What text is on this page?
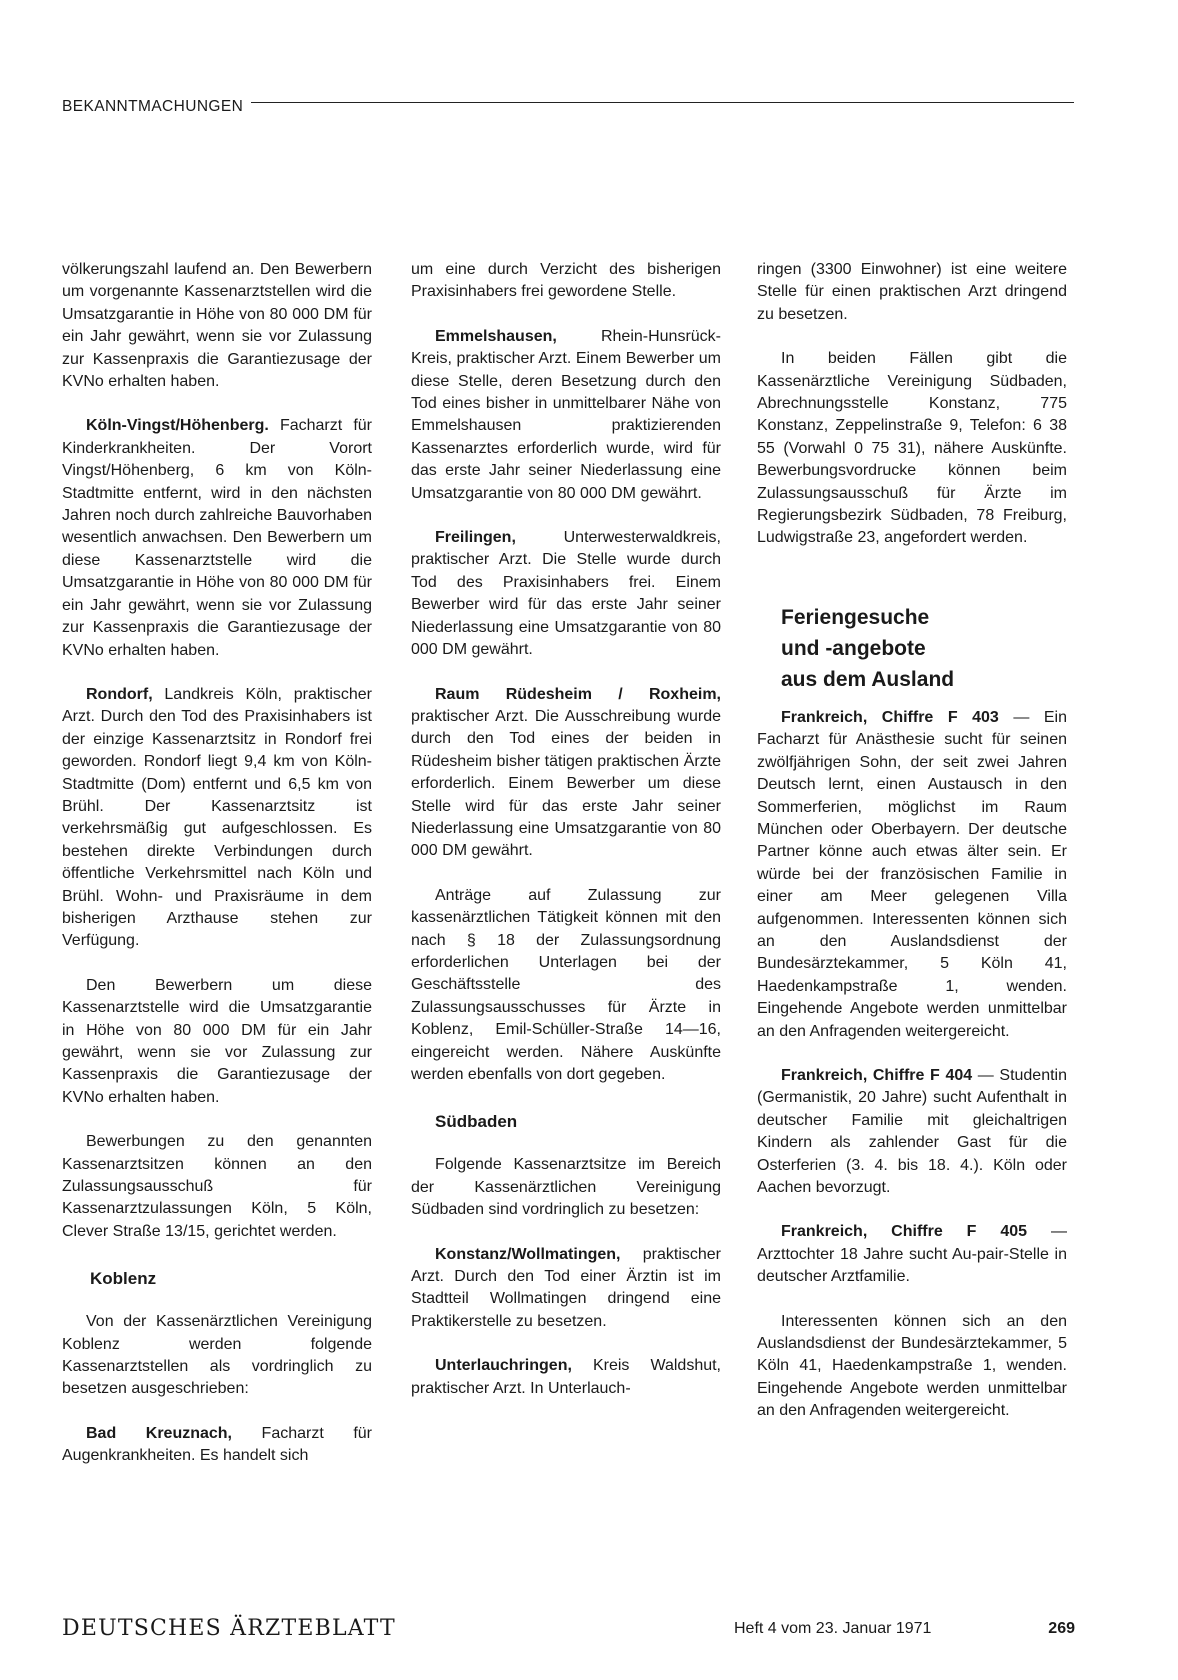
BEKANNTMACHUNGEN

völkerungszahl laufend an. Den Bewerbern um vorgenannte Kassenarztstellen wird die Umsatzgarantie in Höhe von 80 000 DM für ein Jahr gewährt, wenn sie vor Zulassung zur Kassenpraxis die Garantiezusage der KVNo erhalten haben.

Köln-Vingst/Höhenberg. Facharzt für Kinderkrankheiten. Der Vorort Vingst/Höhenberg, 6 km von Köln-Stadtmitte entfernt, wird in den nächsten Jahren noch durch zahlreiche Bauvorhaben wesentlich anwachsen. Den Bewerbern um diese Kassenarztstelle wird die Umsatzgarantie in Höhe von 80 000 DM für ein Jahr gewährt, wenn sie vor Zulassung zur Kassenpraxis die Garantiezusage der KVNo erhalten haben.

Rondorf, Landkreis Köln, praktischer Arzt. Durch den Tod des Praxisinhabers ist der einzige Kassenarztsitz in Rondorf frei geworden. Rondorf liegt 9,4 km von Köln-Stadtmitte (Dom) entfernt und 6,5 km von Brühl. Der Kassenarztsitz ist verkehrsmäßig gut aufgeschlossen. Es bestehen direkte Verbindungen durch öffentliche Verkehrsmittel nach Köln und Brühl. Wohn- und Praxisräume in dem bisherigen Arzthause stehen zur Verfügung.

Den Bewerbern um diese Kassenarztstelle wird die Umsatzgarantie in Höhe von 80 000 DM für ein Jahr gewährt, wenn sie vor Zulassung zur Kassenpraxis die Garantiezusage der KVNo erhalten haben.

Bewerbungen zu den genannten Kassenarztsitzen können an den Zulassungsausschuß für Kassenarztzulassungen Köln, 5 Köln, Clever Straße 13/15, gerichtet werden.

Koblenz

Von der Kassenärztlichen Vereinigung Koblenz werden folgende Kassenarztstellen als vordringlich zu besetzen ausgeschrieben:

Bad Kreuznach, Facharzt für Augenkrankheiten. Es handelt sich

um eine durch Verzicht des bisherigen Praxisinhabers frei gewordene Stelle.

Emmelshausen, Rhein-Hunsrück-Kreis, praktischer Arzt. Einem Bewerber um diese Stelle, deren Besetzung durch den Tod eines bisher in unmittelbarer Nähe von Emmelshausen praktizierenden Kassenarztes erforderlich wurde, wird für das erste Jahr seiner Niederlassung eine Umsatzgarantie von 80 000 DM gewährt.

Freilingen, Unterwesterwaldkreis, praktischer Arzt. Die Stelle wurde durch Tod des Praxisinhabers frei. Einem Bewerber wird für das erste Jahr seiner Niederlassung eine Umsatzgarantie von 80 000 DM gewährt.

Raum Rüdesheim / Roxheim, praktischer Arzt. Die Ausschreibung wurde durch den Tod eines der beiden in Rüdesheim bisher tätigen praktischen Ärzte erforderlich. Einem Bewerber um diese Stelle wird für das erste Jahr seiner Niederlassung eine Umsatzgarantie von 80 000 DM gewährt.

Anträge auf Zulassung zur kassenärztlichen Tätigkeit können mit den nach § 18 der Zulassungsordnung erforderlichen Unterlagen bei der Geschäftsstelle des Zulassungsausschusses für Ärzte in Koblenz, Emil-Schüller-Straße 14—16, eingereicht werden. Nähere Auskünfte werden ebenfalls von dort gegeben.

Südbaden

Folgende Kassenarztsitze im Bereich der Kassenärztlichen Vereinigung Südbaden sind vordringlich zu besetzen:

Konstanz/Wollmatingen, praktischer Arzt. Durch den Tod einer Ärztin ist im Stadtteil Wollmatingen dringend eine Praktikerstelle zu besetzen.

Unterlauchringen, Kreis Waldshut, praktischer Arzt. In Unterlauch-

ringen (3300 Einwohner) ist eine weitere Stelle für einen praktischen Arzt dringend zu besetzen.

In beiden Fällen gibt die Kassenärztliche Vereinigung Südbaden, Abrechnungsstelle Konstanz, 775 Konstanz, Zeppelinstraße 9, Telefon: 6 38 55 (Vorwahl 0 75 31), nähere Auskünfte. Bewerbungsvordrucke können beim Zulassungsausschuß für Ärzte im Regierungsbezirk Südbaden, 78 Freiburg, Ludwigstraße 23, angefordert werden.

Feriengesuche
und -angebote
aus dem Ausland

Frankreich, Chiffre F 403 — Ein Facharzt für Anästhesie sucht für seinen zwölfjährigen Sohn, der seit zwei Jahren Deutsch lernt, einen Austausch in den Sommerferien, möglichst im Raum München oder Oberbayern. Der deutsche Partner könne auch etwas älter sein. Er würde bei der französischen Familie in einer am Meer gelegenen Villa aufgenommen. Interessenten können sich an den Auslandsdienst der Bundesärztekammer, 5 Köln 41, Haedenkampstraße 1, wenden. Eingehende Angebote werden unmittelbar an den Anfragenden weitergereicht.

Frankreich, Chiffre F 404 — Studentin (Germanistik, 20 Jahre) sucht Aufenthalt in deutscher Familie mit gleichaltrigen Kindern als zahlender Gast für die Osterferien (3. 4. bis 18. 4.). Köln oder Aachen bevorzugt.

Frankreich, Chiffre F 405 — Arzttochter 18 Jahre sucht Au-pair-Stelle in deutscher Arztfamilie.

Interessenten können sich an den Auslandsdienst der Bundesärztekammer, 5 Köln 41, Haedenkampstraße 1, wenden. Eingehende Angebote werden unmittelbar an den Anfragenden weitergereicht.

DEUTSCHES ÄRZTEBLATT	Heft 4 vom 23. Januar 1971	269
